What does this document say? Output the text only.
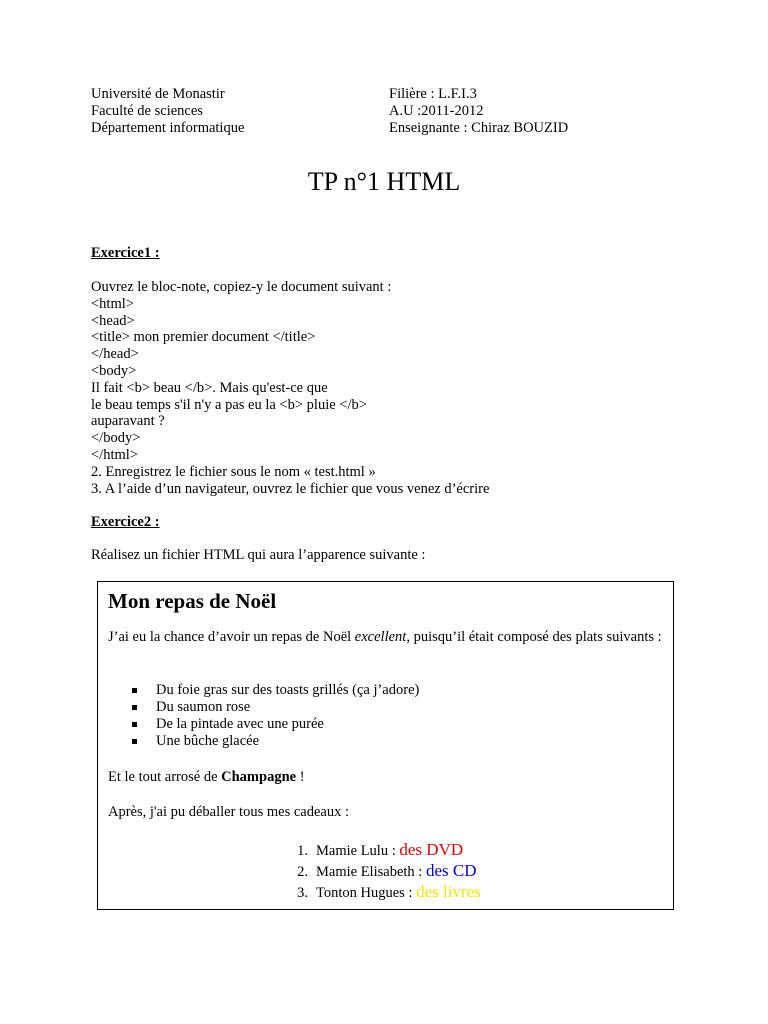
Université de Monastir
Faculté de sciences
Département informatique
Filière : L.F.I.3
A.U :2011-2012
Enseignante : Chiraz BOUZID
TP n°1 HTML
Exercice1 :
Ouvrez le bloc-note, copiez-y le document suivant :
<html>
<head>
<title> mon premier document </title>
</head>
<body>
Il fait <b> beau </b>. Mais qu'est-ce que
le beau temps s'il n'y a pas eu la <b> pluie </b>
auparavant ?
</body>
</html>
2. Enregistrez le fichier sous le nom « test.html »
3. A l’aide d’un navigateur, ouvrez le fichier que vous venez d’écrire
Exercice2 :
Réalisez un fichier HTML qui aura l’apparence suivante :
Mon repas de Noël
J’ai eu la chance d’avoir un repas de Noël excellent, puisqu’il était composé des plats suivants :
Du foie gras sur des toasts grillés (ça j’adore)
Du saumon rose
De la pintade avec une purée
Une bûche glacée
Et le tout arrosé de Champagne !
Après, j'ai pu déballer tous mes cadeaux :
1. Mamie Lulu : des DVD
2. Mamie Elisabeth : des CD
3. Tonton Hugues : des livres
